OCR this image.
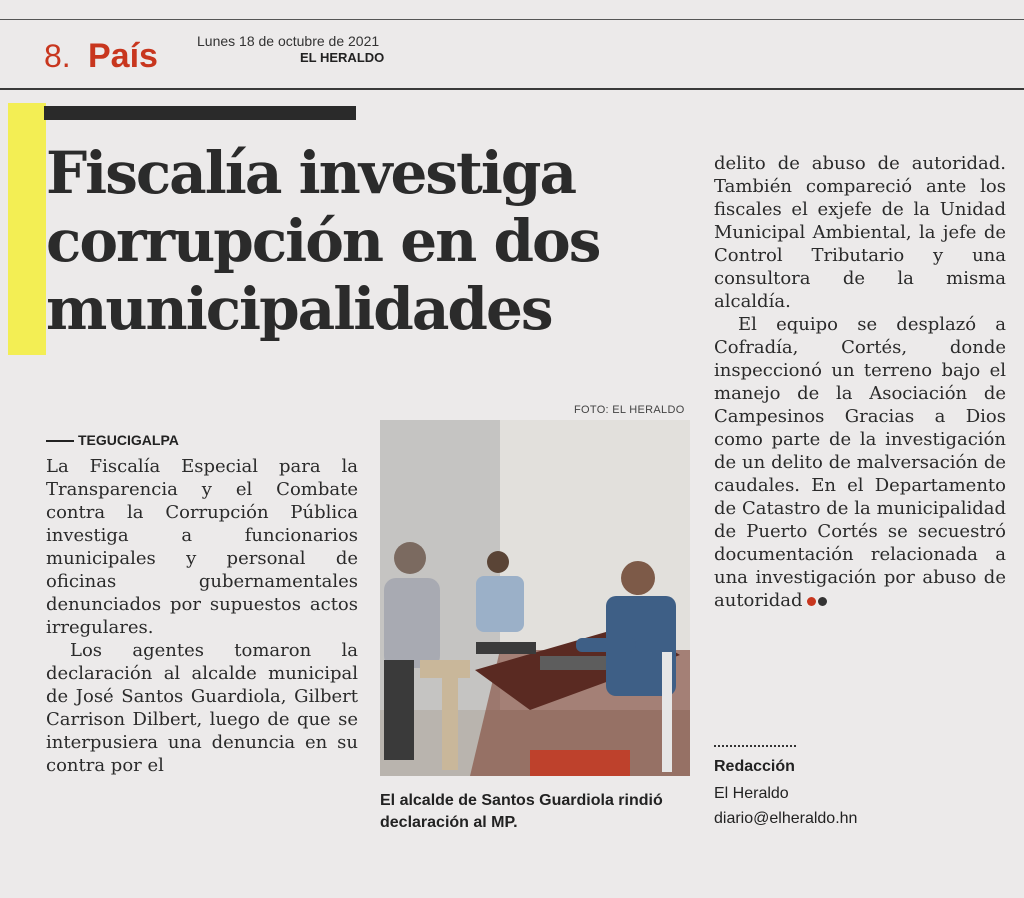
8. País	Lunes 18 de octubre de 2021
EL HERALDO
Fiscalía investiga
corrupción en dos
municipalidades
TEGUCIGALPA

La Fiscalía Especial para la Transparencia y el Combate contra la Corrupción Pública investiga a funcionarios municipales y personal de oficinas gubernamentales denunciados por supuestos actos irregulares.

Los agentes tomaron la declaración al alcalde municipal de José Santos Guardiola, Gilbert Carrison Dilbert, luego de que se interpusiera una denuncia en su contra por el

FOTO: EL HERALDO
El alcalde de Santos Guardiola rindió declaración al MP.

delito de abuso de autoridad. También compareció ante los fiscales el exjefe de la Unidad Municipal Ambiental, la jefe de Control Tributario y una consultora de la misma alcaldía.

El equipo se desplazó a Cofradía, Cortés, donde inspeccionó un terreno bajo el manejo de la Asociación de Campesinos Gracias a Dios como parte de la investigación de un delito de malversación de caudales. En el Departamento de Catastro de la municipalidad de Puerto Cortés se secuestró documentación relacionada a una investigación por abuso de autoridad

Redacción
El Heraldo
diario@elheraldo.hn
